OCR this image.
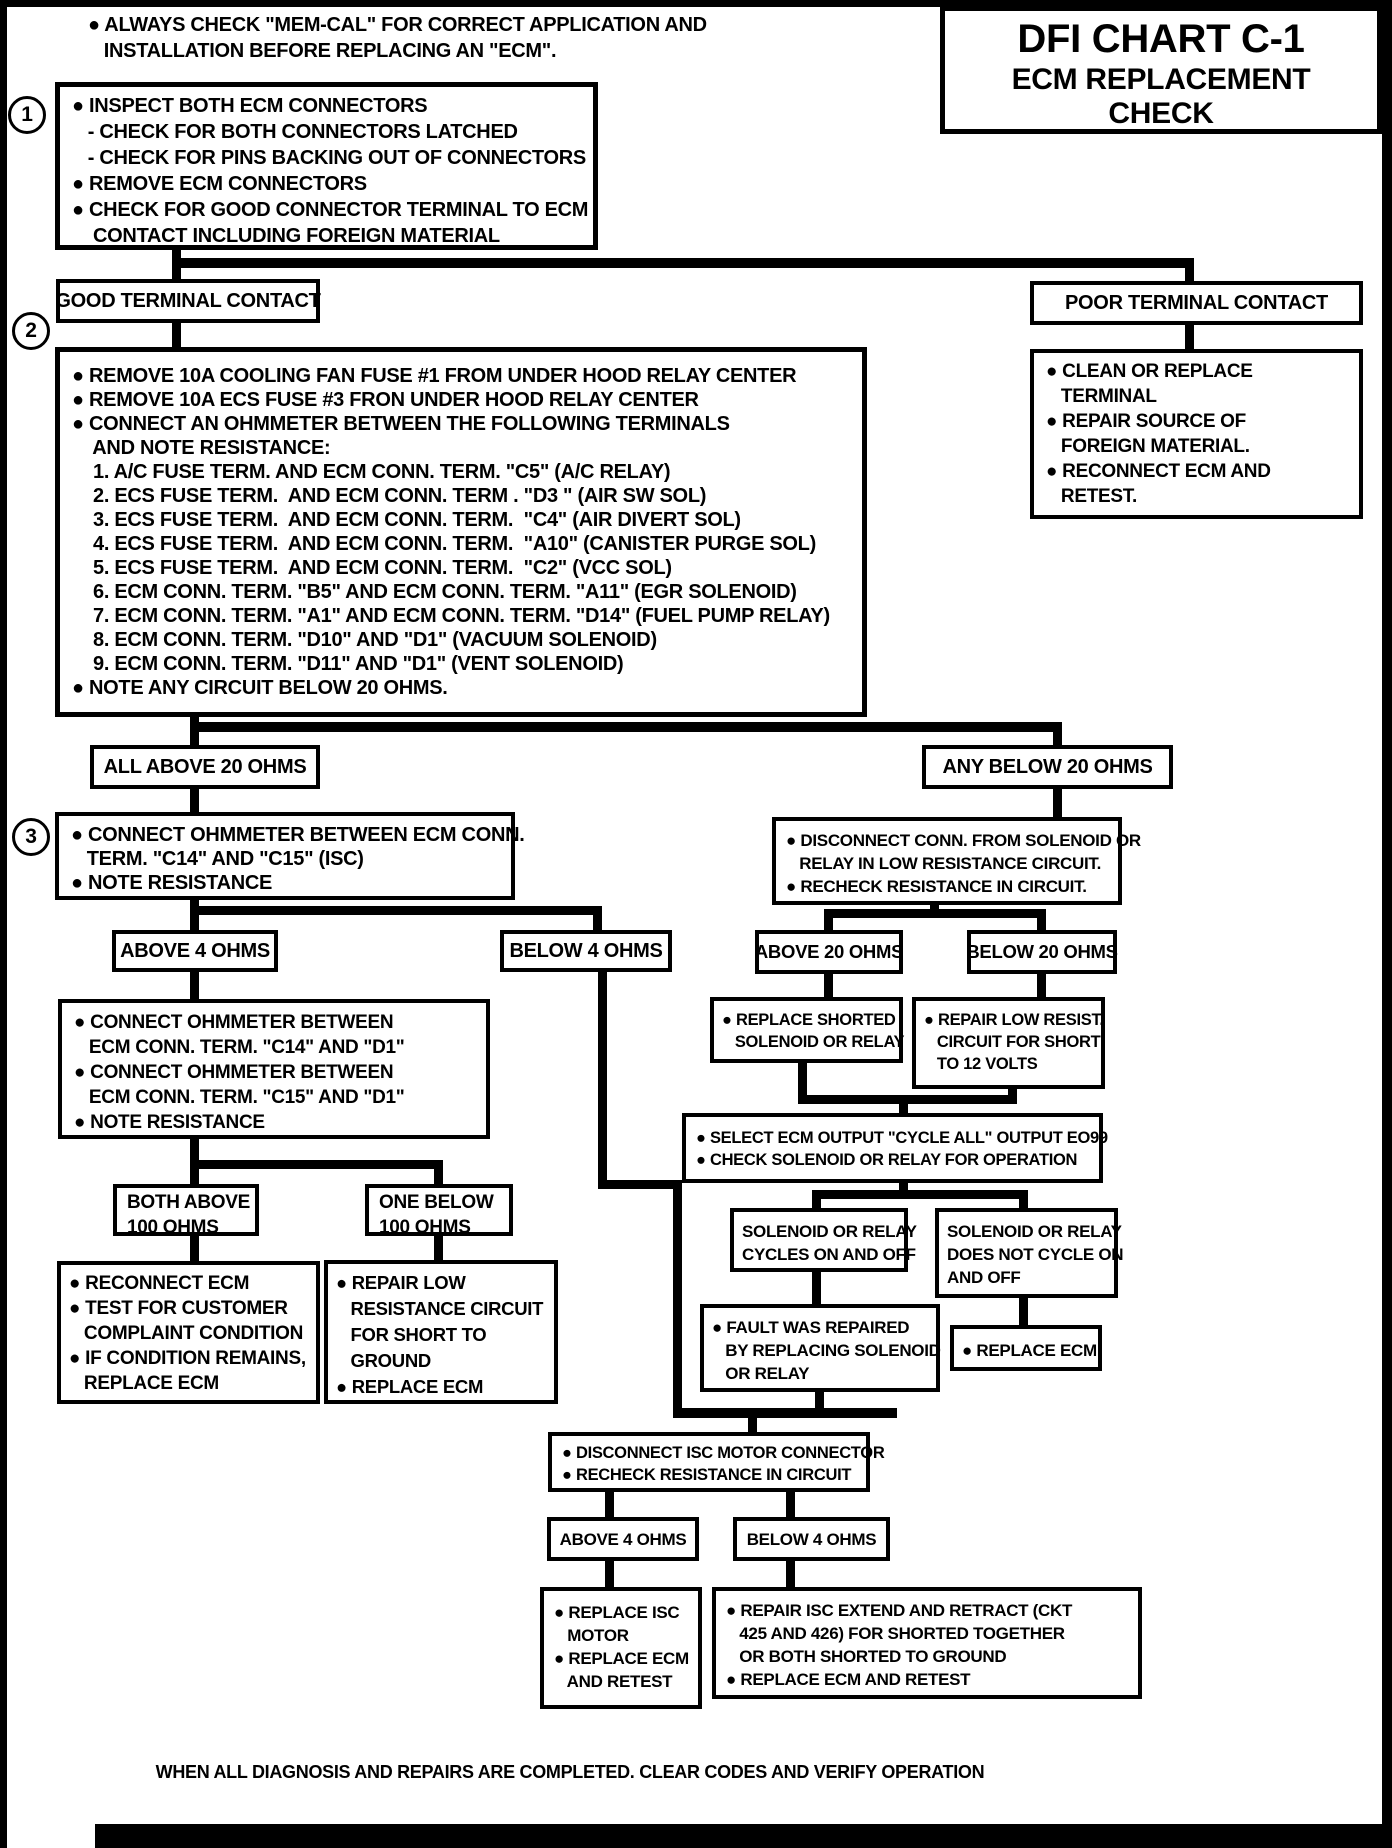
● ALWAYS CHECK "MEM-CAL" FOR CORRECT APPLICATION AND
INSTALLATION BEFORE REPLACING AN "ECM".	DFI CHART C-1
ECM REPLACEMENT
CHECK
1
2
3
● INSPECT BOTH ECM CONNECTORS
- CHECK FOR BOTH CONNECTORS LATCHED
- CHECK FOR PINS BACKING OUT OF CONNECTORS
● REMOVE ECM CONNECTORS
● CHECK FOR GOOD CONNECTOR TERMINAL TO ECM
CONTACT INCLUDING FOREIGN MATERIAL
GOOD TERMINAL CONTACT	POOR TERMINAL CONTACT
● REMOVE 10A COOLING FAN FUSE #1 FROM UNDER HOOD RELAY CENTER
● REMOVE 10A ECS FUSE #3 FRON UNDER HOOD RELAY CENTER
● CONNECT AN OHMMETER BETWEEN THE FOLLOWING TERMINALS
AND NOTE RESISTANCE:
1. A/C FUSE TERM. AND ECM CONN. TERM. "C5" (A/C RELAY)
2. ECS FUSE TERM.  AND ECM CONN. TERM . "D3 " (AIR SW SOL)
3. ECS FUSE TERM.  AND ECM CONN. TERM.  "C4" (AIR DIVERT SOL)
4. ECS FUSE TERM.  AND ECM CONN. TERM.  "A10" (CANISTER PURGE SOL)
5. ECS FUSE TERM.  AND ECM CONN. TERM.  "C2" (VCC SOL)
6. ECM CONN. TERM. "B5" AND ECM CONN. TERM. "A11" (EGR SOLENOID)
7. ECM CONN. TERM. "A1" AND ECM CONN. TERM. "D14" (FUEL PUMP RELAY)
8. ECM CONN. TERM. "D10" AND "D1" (VACUUM SOLENOID)
9. ECM CONN. TERM. "D11" AND "D1" (VENT SOLENOID)
● NOTE ANY CIRCUIT BELOW 20 OHMS.
● CLEAN OR REPLACE
TERMINAL
● REPAIR SOURCE OF
FOREIGN MATERIAL.
● RECONNECT ECM AND
RETEST.
ALL ABOVE 20 OHMS	ANY BELOW 20 OHMS
● CONNECT OHMMETER BETWEEN ECM CONN.
TERM. "C14" AND "C15" (ISC)
● NOTE RESISTANCE
● DISCONNECT CONN. FROM SOLENOID OR
RELAY IN LOW RESISTANCE CIRCUIT.
● RECHECK RESISTANCE IN CIRCUIT.
ABOVE 4 OHMS	BELOW 4 OHMS	ABOVE 20 OHMS	BELOW 20 OHMS
● CONNECT OHMMETER BETWEEN
ECM CONN. TERM. "C14" AND "D1"
● CONNECT OHMMETER BETWEEN
ECM CONN. TERM. "C15" AND "D1"
● NOTE RESISTANCE
● REPLACE SHORTED
SOLENOID OR RELAY
● REPAIR LOW RESIST.
CIRCUIT FOR SHORT
TO 12 VOLTS
● SELECT ECM OUTPUT "CYCLE ALL" OUTPUT EO99
● CHECK SOLENOID OR RELAY FOR OPERATION
BOTH ABOVE
100 OHMS
ONE BELOW
100 OHMS	SOLENOID OR RELAY
CYCLES ON AND OFF
SOLENOID OR RELAY
DOES NOT CYCLE ON
AND OFF
● RECONNECT ECM
● TEST FOR CUSTOMER
COMPLAINT CONDITION
● IF CONDITION REMAINS,
REPLACE ECM
● REPAIR LOW
RESISTANCE CIRCUIT
FOR SHORT TO
GROUND
● REPLACE ECM
● FAULT WAS REPAIRED
BY REPLACING SOLENOID
OR RELAY
● REPLACE ECM
● DISCONNECT ISC MOTOR CONNECTOR
● RECHECK RESISTANCE IN CIRCUIT
ABOVE 4 OHMS	BELOW 4 OHMS
● REPLACE ISC
MOTOR
● REPLACE ECM
AND RETEST
● REPAIR ISC EXTEND AND RETRACT (CKT
425 AND 426) FOR SHORTED TOGETHER
OR BOTH SHORTED TO GROUND
● REPLACE ECM AND RETEST
WHEN ALL DIAGNOSIS AND REPAIRS ARE COMPLETED. CLEAR CODES AND VERIFY OPERATION
